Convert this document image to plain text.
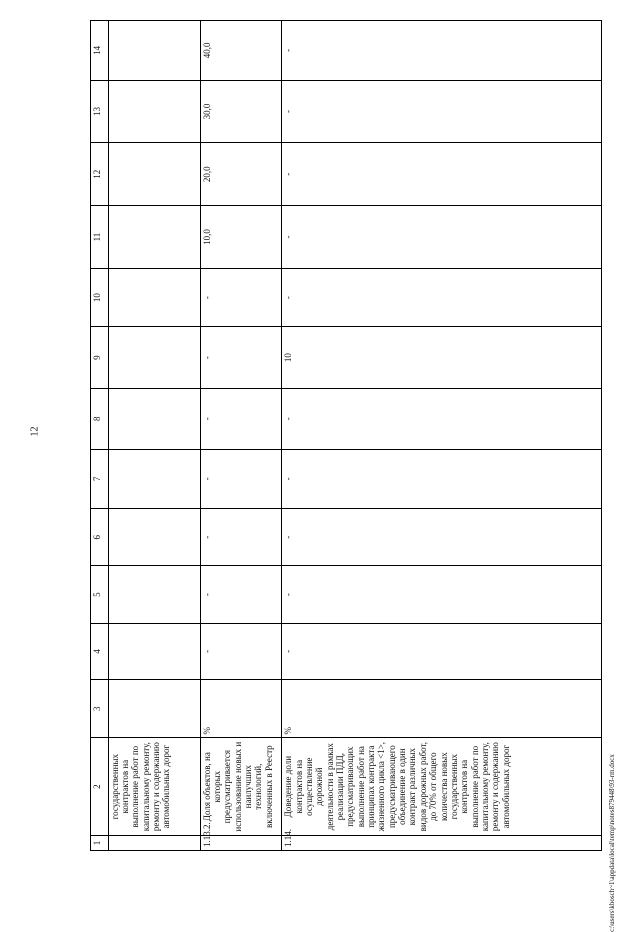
12
1	2	3	4	5	6	7	8	9	10	11	12	13	14
	государственных контрактов на выполнение работ по капитальному ремонту, ремонту и содержанию автомобильных дорог												
1.13.2.	Доля объектов, на которых предусматривается использование новых и наилучших технологий, включенных в Реестр	%	-	-	-	-	-	-	-	10,0	20,0	30,0	40,0
1.14.	Доведение доли контрактов на осуществление дорожной деятельности в рамках реализации ПДД, предусматривающих выполнение работ на принципах контракта жизненного цикла <1>, предусматривающего объединение в один контракт различных видов дорожных работ, до 70% от общего количества новых государственных контрактов на выполнение работ по капитальному ремонту, ремонту и содержанию автомобильных дорог	%	-	-	-	-	-	10	-	-	-	-	-
c:\users\kbosch~1\appdata\local\temp\notes879448\93-rm.docx
